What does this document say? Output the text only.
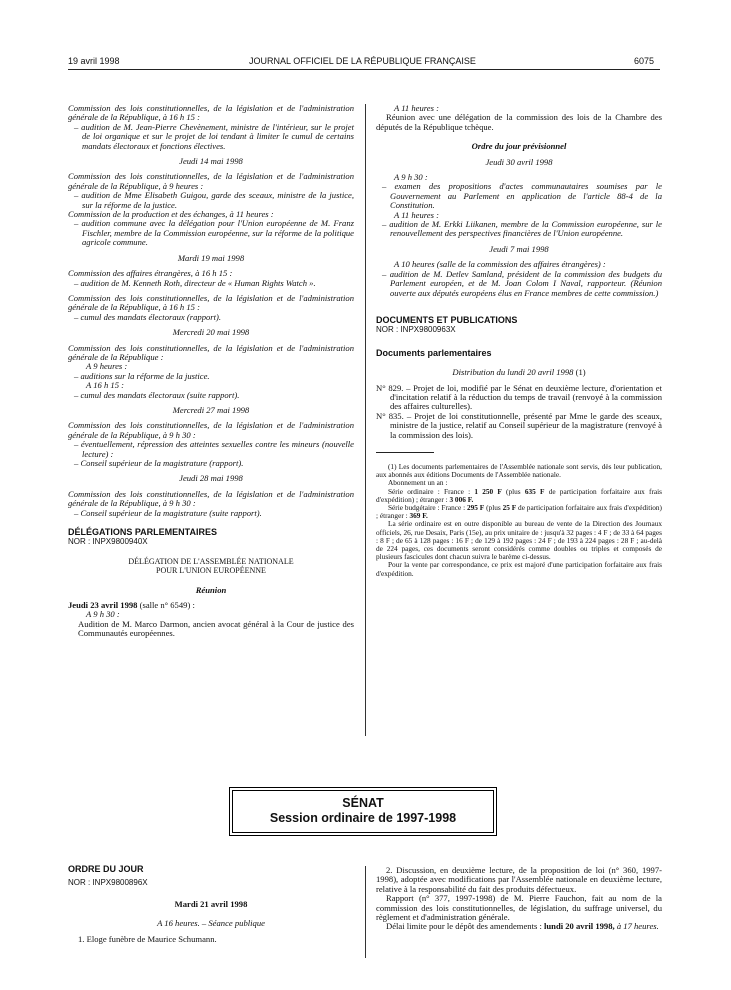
19 avril 1998	JOURNAL OFFICIEL DE LA RÉPUBLIQUE FRANÇAISE	6075

Commission des lois constitutionnelles, de la législation et de l'administration générale de la République, à 16 h 15 :

– audition de M. Jean-Pierre Chevènement, ministre de l'intérieur, sur le projet de loi organique et sur le projet de loi tendant à limiter le cumul de certains mandats électoraux et fonctions électives.

Jeudi 14 mai 1998

Commission des lois constitutionnelles, de la législation et de l'administration générale de la République, à 9 heures :

– audition de Mme Elisabeth Guigou, garde des sceaux, ministre de la justice, sur la réforme de la justice.

Commission de la production et des échanges, à 11 heures :

– audition commune avec la délégation pour l'Union européenne de M. Franz Fischler, membre de la Commission européenne, sur la réforme de la politique agricole commune.

Mardi 19 mai 1998

Commission des affaires étrangères, à 16 h 15 :

– audition de M. Kenneth Roth, directeur de « Human Rights Watch ».

Commission des lois constitutionnelles, de la législation et de l'administration générale de la République, à 16 h 15 :

– cumul des mandats électoraux (rapport).

Mercredi 20 mai 1998

Commission des lois constitutionnelles, de la législation et de l'administration générale de la République :

A 9 heures :

– auditions sur la réforme de la justice.

A 16 h 15 :

– cumul des mandats électoraux (suite rapport).

Mercredi 27 mai 1998

Commission des lois constitutionnelles, de la législation et de l'administration générale de la République, à 9 h 30 :

– éventuellement, répression des atteintes sexuelles contre les mineurs (nouvelle lecture) :

– Conseil supérieur de la magistrature (rapport).

Jeudi 28 mai 1998

Commission des lois constitutionnelles, de la législation et de l'administration générale de la République, à 9 h 30 :

– Conseil supérieur de la magistrature (suite rapport).

DÉLÉGATIONS PARLEMENTAIRES

NOR : INPX9800940X

DÉLÉGATION DE L'ASSEMBLÉE NATIONALE

POUR L'UNION EUROPÉENNE

Réunion

Jeudi 23 avril 1998 (salle n° 6549) :

A 9 h 30 :

Audition de M. Marco Darmon, ancien avocat général à la Cour de justice des Communautés européennes.

A 11 heures :

Réunion avec une délégation de la commission des lois de la Chambre des députés de la République tchèque.

Ordre du jour prévisionnel

Jeudi 30 avril 1998

A 9 h 30 :

– examen des propositions d'actes communautaires soumises par le Gouvernement au Parlement en application de l'article 88-4 de la Constitution.

A 11 heures :

– audition de M. Erkki Liikanen, membre de la Commission européenne, sur le renouvellement des perspectives financières de l'Union européenne.

Jeudi 7 mai 1998

A 10 heures (salle de la commission des affaires étrangères) :

– audition de M. Detlev Samland, président de la commission des budgets du Parlement européen, et de M. Joan Colom I Naval, rapporteur. (Réunion ouverte aux députés européens élus en France membres de cette commission.)

DOCUMENTS ET PUBLICATIONS

NOR : INPX9800963X

Documents parlementaires

Distribution du lundi 20 avril 1998 (1)

N° 829. – Projet de loi, modifié par le Sénat en deuxième lecture, d'orientation et d'incitation relatif à la réduction du temps de travail (renvoyé à la commission des affaires culturelles).

N° 835. – Projet de loi constitutionnelle, présenté par Mme le garde des sceaux, ministre de la justice, relatif au Conseil supérieur de la magistrature (renvoyé à la commission des lois).

(1) Les documents parlementaires de l'Assemblée nationale sont servis, dès leur publication, aux abonnés aux éditions Documents de l'Assemblée nationale.

Abonnement un an :

Série ordinaire : France : 1 250 F (plus 635 F de participation forfaitaire aux frais d'expédition) ; étranger : 3 006 F.

Série budgétaire : France : 295 F (plus 25 F de participation forfaitaire aux frais d'expédition) ; étranger : 369 F.

La série ordinaire est en outre disponible au bureau de vente de la Direction des Journaux officiels, 26, rue Desaix, Paris (15e), au prix unitaire de : jusqu'à 32 pages : 4 F ; de 33 à 64 pages : 8 F ; de 65 à 128 pages : 16 F ; de 129 à 192 pages : 24 F ; de 193 à 224 pages : 28 F ; au-delà de 224 pages, ces documents seront considérés comme doubles ou triples et composés de plusieurs fascicules dont chacun suivra le barème ci-dessus.

Pour la vente par correspondance, ce prix est majoré d'une participation forfaitaire aux frais d'expédition.

SÉNAT
Session ordinaire de 1997-1998

ORDRE DU JOUR

NOR : INPX9800896X

Mardi 21 avril 1998

A 16 heures. – Séance publique

1. Eloge funèbre de Maurice Schumann.

2. Discussion, en deuxième lecture, de la proposition de loi (n° 360, 1997-1998), adoptée avec modifications par l'Assemblée nationale en deuxième lecture, relative à la responsabilité du fait des produits défectueux.

Rapport (n° 377, 1997-1998) de M. Pierre Fauchon, fait au nom de la commission des lois constitutionnelles, de législation, du suffrage universel, du règlement et d'administration générale.

Délai limite pour le dépôt des amendements : lundi 20 avril 1998, à 17 heures.
